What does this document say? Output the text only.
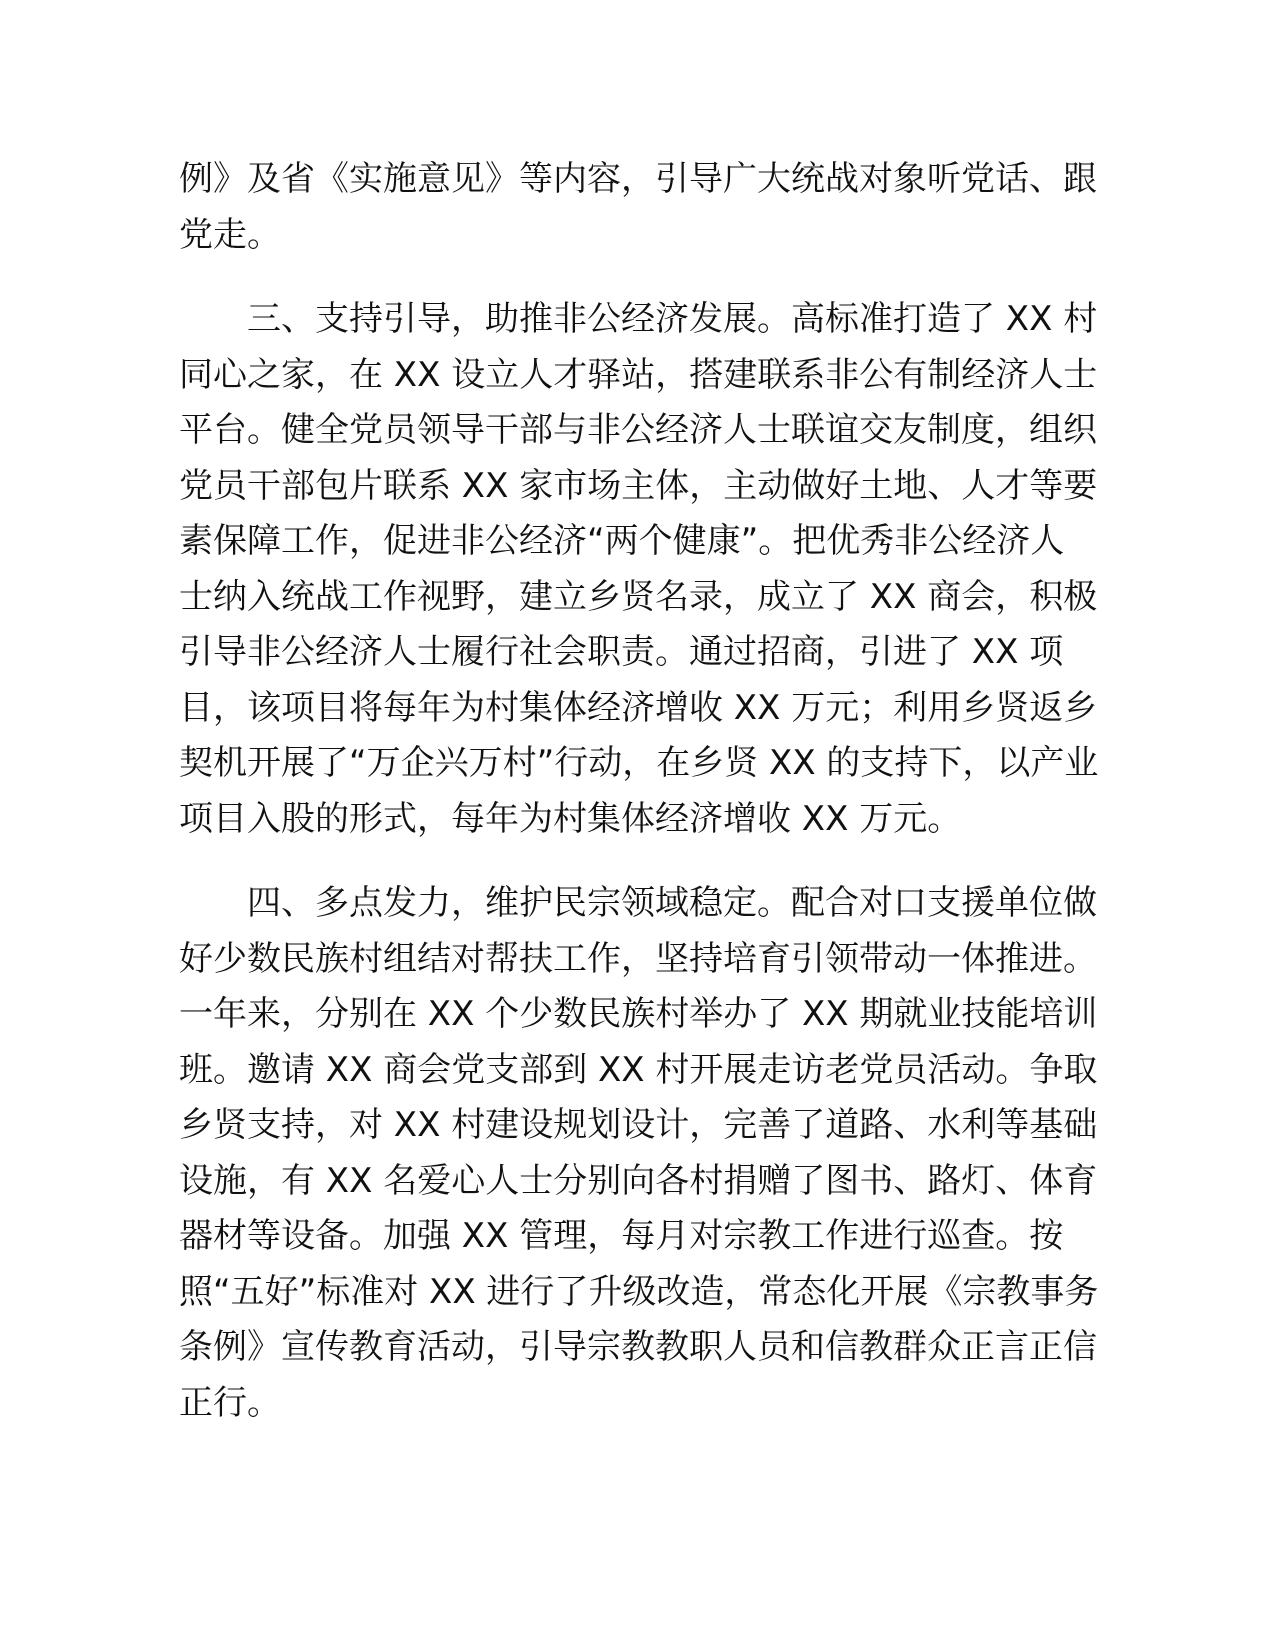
例》及省《实施意见》等内容，引导广大统战对象听党话、跟
党走。
三、支持引导，助推非公经济发展。高标准打造了 XX 村
同心之家，在 XX 设立人才驿站，搭建联系非公有制经济人士
平台。健全党员领导干部与非公经济人士联谊交友制度，组织
党员干部包片联系 XX 家市场主体，主动做好土地、人才等要
素保障工作，促进非公经济“两个健康”。把优秀非公经济人
士纳入统战工作视野，建立乡贤名录，成立了 XX 商会，积极
引导非公经济人士履行社会职责。通过招商，引进了 XX 项
目，该项目将每年为村集体经济增收 XX 万元；利用乡贤返乡
契机开展了“万企兴万村”行动，在乡贤 XX 的支持下，以产业
项目入股的形式，每年为村集体经济增收 XX 万元。
四、多点发力，维护民宗领域稳定。配合对口支援单位做
好少数民族村组结对帮扶工作，坚持培育引领带动一体推进。
一年来，分别在 XX 个少数民族村举办了 XX 期就业技能培训
班。邀请 XX 商会党支部到 XX 村开展走访老党员活动。争取
乡贤支持，对 XX 村建设规划设计，完善了道路、水利等基础
设施，有 XX 名爱心人士分别向各村捐赠了图书、路灯、体育
器材等设备。加强 XX 管理，每月对宗教工作进行巡查。按
照“五好”标准对 XX 进行了升级改造，常态化开展《宗教事务
条例》宣传教育活动，引导宗教教职人员和信教群众正言正信
正行。
